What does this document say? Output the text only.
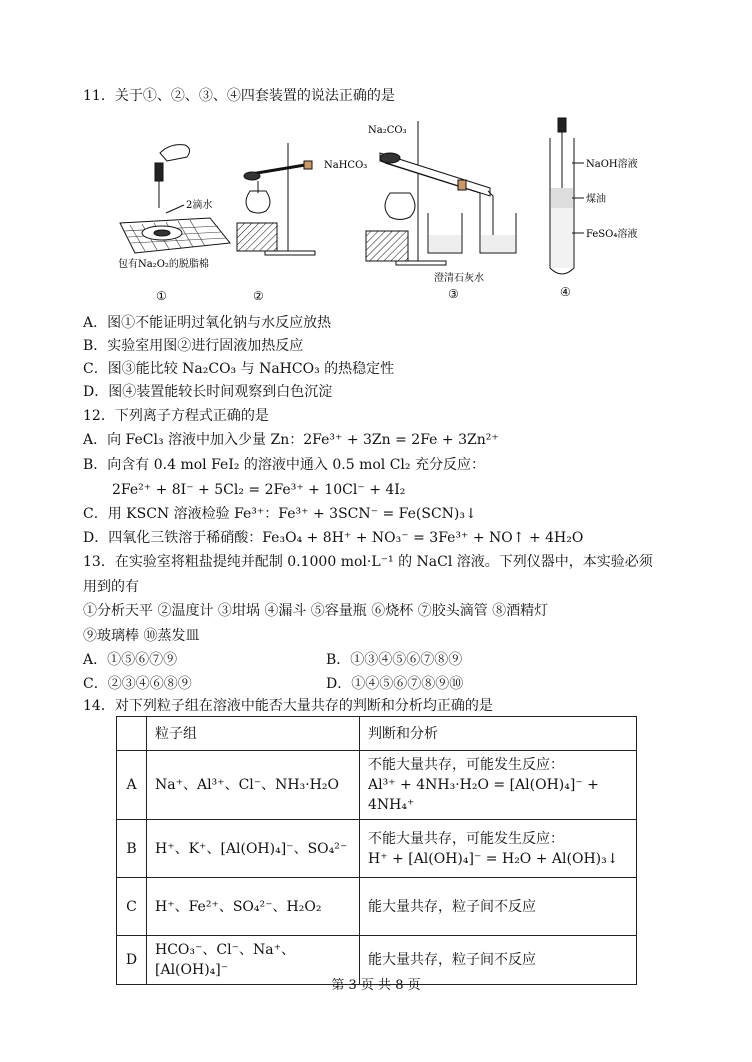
11．关于①、②、③、④四套装置的说法正确的是
2滴水
包有Na₂O₂的脱脂棉
①	②
Na₂CO₃
NaHCO₃
澄清石灰水
③
NaOH溶液
煤油
FeSO₄溶液
④
A．图①不能证明过氧化钠与水反应放热
B．实验室用图②进行固液加热反应
C．图③能比较 Na₂CO₃ 与 NaHCO₃ 的热稳定性
D．图④装置能较长时间观察到白色沉淀
12．下列离子方程式正确的是
A．向 FeCl₃ 溶液中加入少量 Zn：2Fe³⁺ + 3Zn = 2Fe + 3Zn²⁺
B．向含有 0.4 mol FeI₂ 的溶液中通入 0.5 mol Cl₂ 充分反应：
2Fe²⁺ + 8I⁻ + 5Cl₂ = 2Fe³⁺ + 10Cl⁻ + 4I₂
C．用 KSCN 溶液检验 Fe³⁺：Fe³⁺ + 3SCN⁻ = Fe(SCN)₃↓
D．四氧化三铁溶于稀硝酸：Fe₃O₄ + 8H⁺ + NO₃⁻ = 3Fe³⁺ + NO↑ + 4H₂O
13．在实验室将粗盐提纯并配制 0.1000 mol·L⁻¹ 的 NaCl 溶液。下列仪器中，本实验必须
用到的有
①分析天平 ②温度计 ③坩埚 ④漏斗 ⑤容量瓶 ⑥烧杯 ⑦胶头滴管 ⑧酒精灯
⑨玻璃棒 ⑩蒸发皿
A．①⑤⑥⑦⑨	B．①③④⑤⑥⑦⑧⑨
C．②③④⑥⑧⑨	D．①④⑤⑥⑦⑧⑨⑩
14．对下列粒子组在溶液中能否大量共存的判断和分析均正确的是
	粒子组	判断和分析
A	Na⁺、Al³⁺、Cl⁻、NH₃·H₂O	不能大量共存，可能发生反应：
Al³⁺ + 4NH₃·H₂O = [Al(OH)₄]⁻ + 4NH₄⁺

B	H⁺、K⁺、[Al(OH)₄]⁻、SO₄²⁻	不能大量共存，可能发生反应：
H⁺ + [Al(OH)₄]⁻ = H₂O + Al(OH)₃↓

C	H⁺、Fe²⁺、SO₄²⁻、H₂O₂	能大量共存，粒子间不反应

D	HCO₃⁻、Cl⁻、Na⁺、[Al(OH)₄]⁻	能大量共存，粒子间不反应
第 3 页 共 8 页
